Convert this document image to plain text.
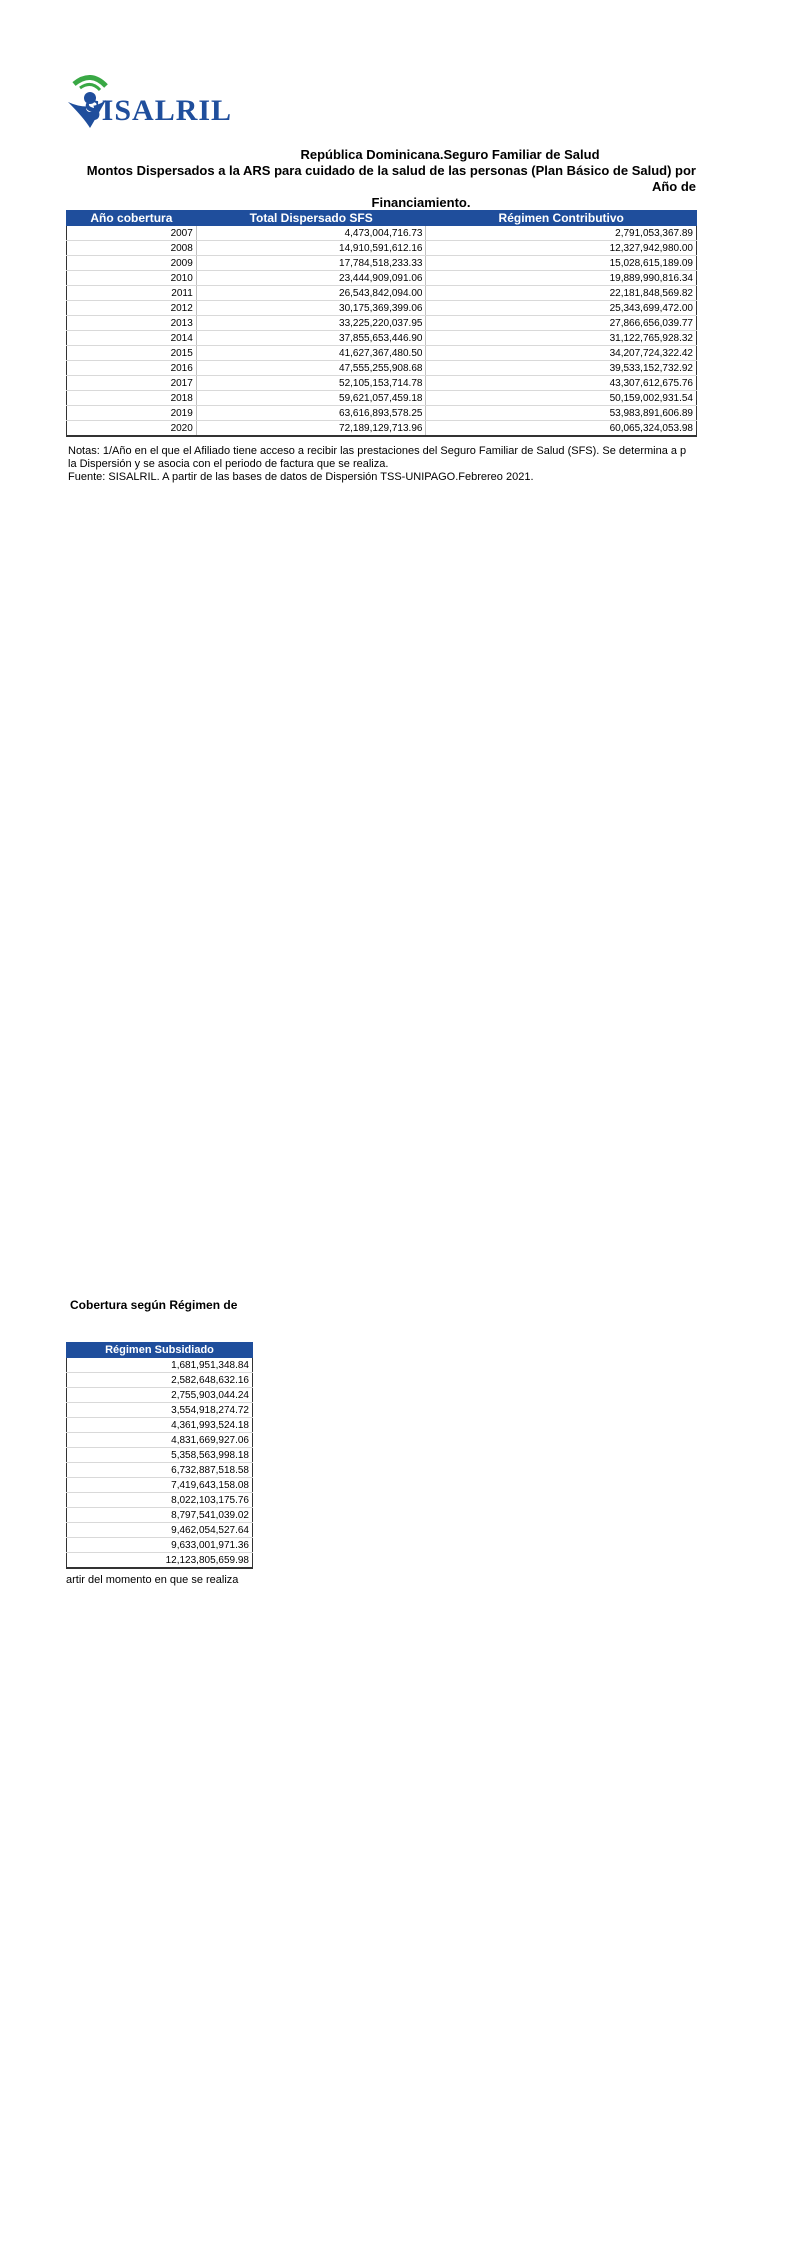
SISALRIL
República Dominicana.Seguro Familiar de Salud
Montos Dispersados a la ARS para cuidado de la salud de las personas (Plan Básico de Salud) por Año de
Financiamiento.
Año cobertura	Total Dispersado SFS	Régimen Contributivo
2007	4,473,004,716.73	2,791,053,367.89
2008	14,910,591,612.16	12,327,942,980.00
2009	17,784,518,233.33	15,028,615,189.09
2010	23,444,909,091.06	19,889,990,816.34
2011	26,543,842,094.00	22,181,848,569.82
2012	30,175,369,399.06	25,343,699,472.00
2013	33,225,220,037.95	27,866,656,039.77
2014	37,855,653,446.90	31,122,765,928.32
2015	41,627,367,480.50	34,207,724,322.42
2016	47,555,255,908.68	39,533,152,732.92
2017	52,105,153,714.78	43,307,612,675.76
2018	59,621,057,459.18	50,159,002,931.54
2019	63,616,893,578.25	53,983,891,606.89
2020	72,189,129,713.96	60,065,324,053.98

Notas: 1/Año en el que el Afiliado tiene acceso a recibir las prestaciones del Seguro Familiar de Salud (SFS). Se determina a p

la Dispersión y se asocia con el periodo de factura que se realiza.

Fuente: SISALRIL. A partir de las bases de datos de Dispersión TSS-UNIPAGO.Febrereo 2021.

Cobertura según Régimen de
Régimen Subsidiado
1,681,951,348.84
2,582,648,632.16
2,755,903,044.24
3,554,918,274.72
4,361,993,524.18
4,831,669,927.06
5,358,563,998.18
6,732,887,518.58
7,419,643,158.08
8,022,103,175.76
8,797,541,039.02
9,462,054,527.64
9,633,001,971.36
12,123,805,659.98
artir del momento en que se realiza
